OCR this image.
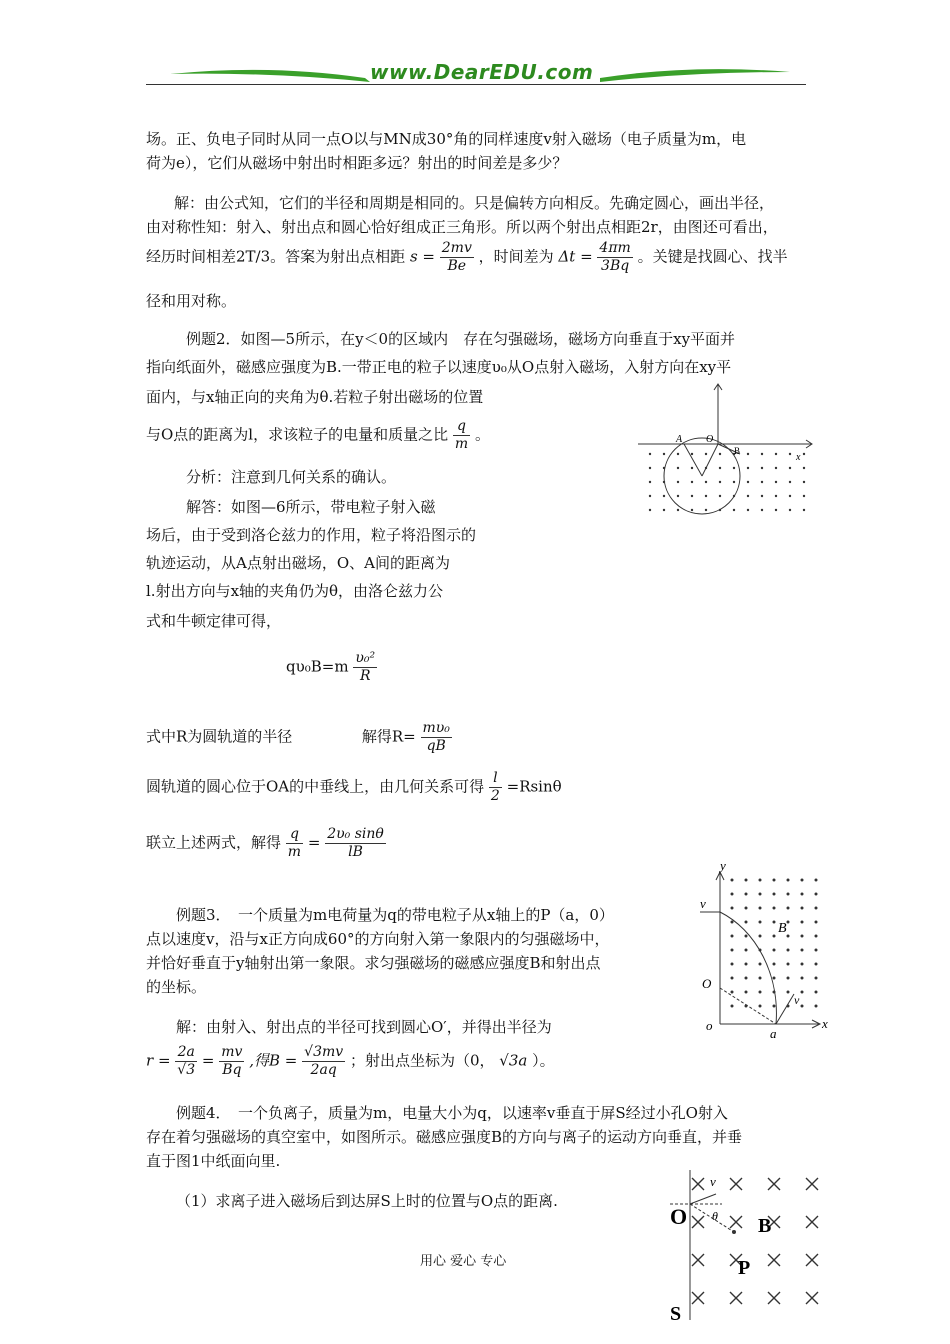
www.DearEDU.com
场。正、负电子同时从同一点O以与MN成30°角的同样速度v射入磁场（电子质量为m，电
荷为e），它们从磁场中射出时相距多远？射出的时间差是多少？
解：由公式知，它们的半径和周期是相同的。只是偏转方向相反。先确定圆心，画出半径，
由对称性知：射入、射出点和圆心恰好组成正三角形。所以两个射出点相距2r，由图还可看出，
经历时间相差2T/3。答案为射出点相距 $s = \frac{2mv}{Be}$ ，时间差为 $\Delta t = \frac{4\pi m}{3Bq}$ 。关键是找圆心、找半
径和用对称。
例题2．如图—5所示，在y＜0的区域内　存在匀强磁场，磁场方向垂直于xy平面并
指向纸面外，磁感应强度为B.一带正电的粒子以速度υ₀从O点射入磁场，入射方向在xy平
面内，与x轴正向的夹角为θ.若粒子射出磁场的位置
与O点的距离为l，求该粒子的电量和质量之比 $\frac{q}{m}$ 。
分析：注意到几何关系的确认。
解答：如图—6所示，带电粒子射入磁
场后，由于受到洛仑兹力的作用，粒子将沿图示的
轨迹运动，从A点射出磁场，O、A间的距离为
l.射出方向与x轴的夹角仍为θ，由洛仑兹力公
式和牛顿定律可得，
$q\upsilon_0B=m \frac{\text{υ₀²}}{R}$
式中R为圆轨道的半径	解得$R= \frac{\text{mυ₀}}{qB}$
圆轨道的圆心位于OA的中垂线上，由几何关系可得 $\frac{l}{2} =Rsin\theta$
联立上述两式，解得 $\frac{q}{m} = \frac{\text{2υ₀ sinθ}}{lB}$
例题3．　一个质量为m电荷量为q的带电粒子从x轴上的P（a，0）
点以速度v，沿与x正方向成60°的方向射入第一象限内的匀强磁场中，
并恰好垂直于y轴射出第一象限。求匀强磁场的磁感应强度B和射出点
的坐标。
解：由射入、射出点的半径可找到圆心O′，并得出半径为
$r = \frac{2a}{√3} = \frac{mv}{Bq}$ ,得$B = \frac{√3mv}{2aq}$ ；射出点坐标为（0， √3a ）。
例题4．　一个负离子，质量为m，电量大小为q，以速率v垂直于屏S经过小孔O射入
存在着匀强磁场的真空室中，如图所示。磁感应强度B的方向与离子的运动方向垂直，并垂
直于图1中纸面向里.
（1）求离子进入磁场后到达屏S上时的位置与O点的距离.
A O
B
x
y
v
B
O
v
o
a
x
v
O θ B
P
S
用心 爱心 专心
